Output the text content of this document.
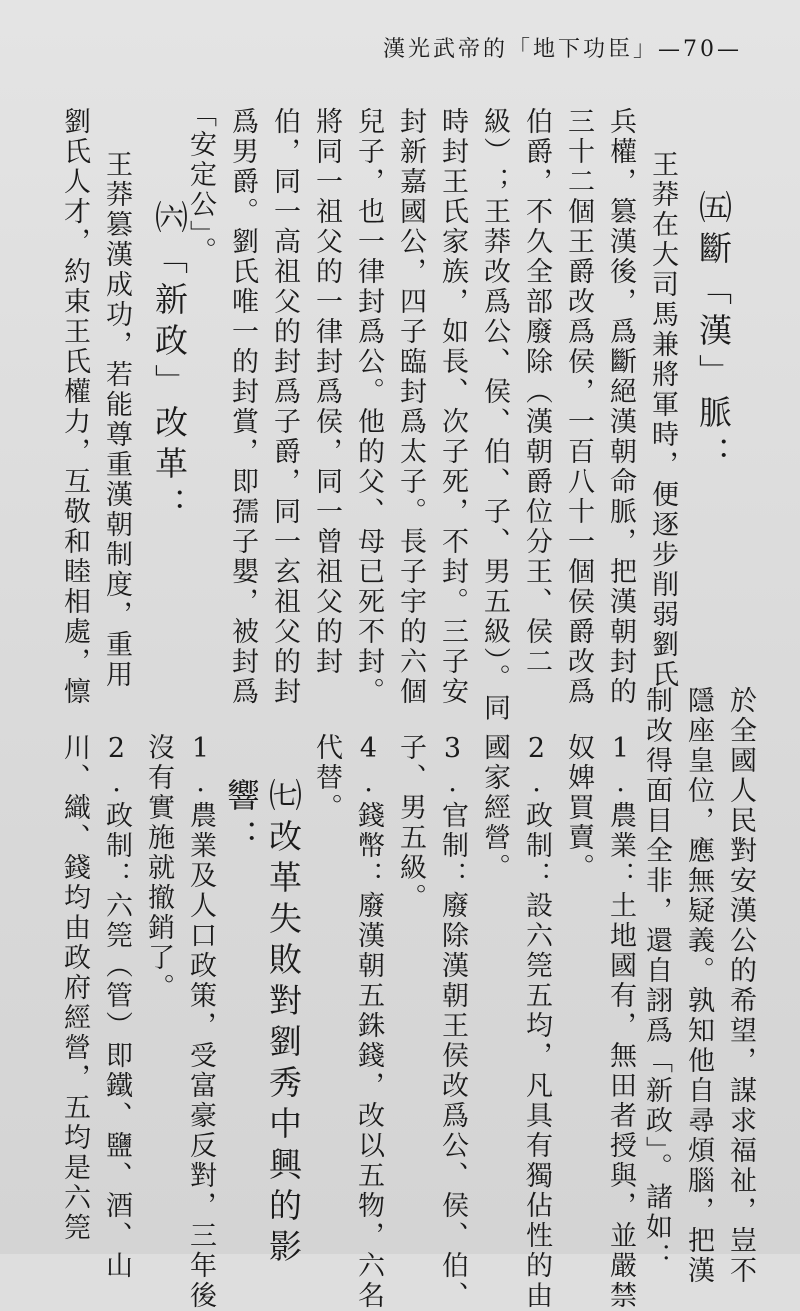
漢光武帝的「地下功臣」—70—
㈤斷「漢」脈：
王莽在大司馬兼將軍時，便逐步削弱劉氏
兵權，篡漢後，爲斷絕漢朝命脈，把漢朝封的
三十二個王爵改爲侯，一百八十一個侯爵改爲
伯爵，不久全部廢除（漢朝爵位分王、侯二
級）；王莽改爲公、侯、伯、子、男五級）。同
時封王氏家族，如長、次子死，不封。三子安
封新嘉國公，四子臨封爲太子。長子宇的六個
兒子，也一律封爲公。他的父、母已死不封。
將同一祖父的一律封爲侯，同一曾祖父的封
伯，同一高祖父的封爲子爵，同一玄祖父的封
爲男爵。劉氏唯一的封賞，即孺子嬰，被封爲
「安定公」。
㈥「新政」改革：
王莽篡漢成功，若能尊重漢朝制度，重用
劉氏人才，約束王氏權力，互敬和睦相處，懔
於全國人民對安漢公的希望，謀求福祉，豈不
隱座皇位，應無疑義。孰知他自尋煩腦，把漢
制改得面目全非，還自詡爲「新政」。諸如：
1.農業：土地國有，無田者授與，並嚴禁
奴婢買賣。
2.政制：設六筦五均，凡具有獨佔性的由
國家經營。
3.官制：廢除漢朝王侯改爲公、侯、伯、
子、男五級。
4.錢幣：廢漢朝五銖錢，改以五物，六名
代替。
㈦改革失敗對劉秀中興的影
響：
1.農業及人口政策，受富豪反對，三年後
沒有實施就撤銷了。
2.政制：六筦（管）即鐵、鹽、酒、山
川、織、錢均由政府經營，五均是六筦
